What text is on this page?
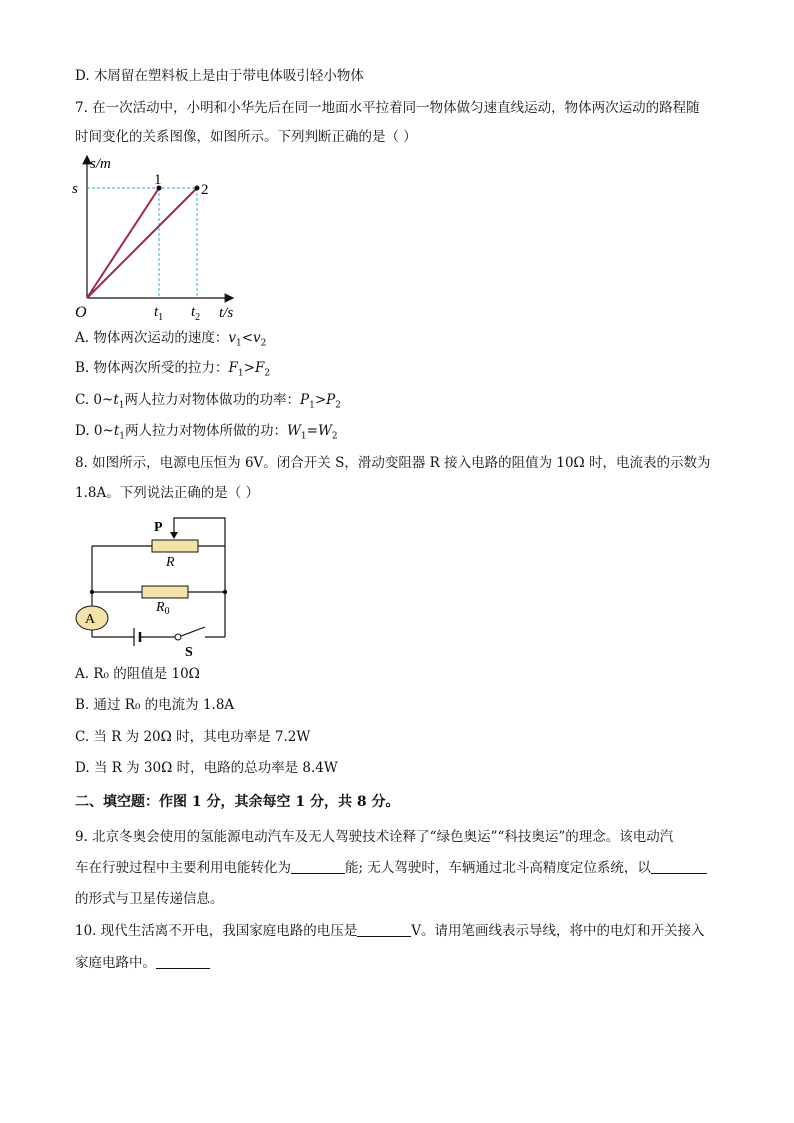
D. 木屑留在塑料板上是由于带电体吸引轻小物体
7. 在一次活动中，小明和小华先后在同一地面水平拉着同一物体做匀速直线运动，物体两次运动的路程随
时间变化的关系图像，如图所示。下列判断正确的是（ ）
s/m
s
1
2
O	$t_1$ $t_2$ t/s
A. 物体两次运动的速度：$v_1<v_2$
B. 物体两次所受的拉力：$F_1>F_2$
C. $0\sim t_1$两人拉力对物体做功的功率：$P_1>P_2$
D. $0\sim t_1$两人拉力对物体所做的功：$W_1=W_2$
8. 如图所示，电源电压恒为 6V。闭合开关 S，滑动变阻器 R 接入电路的阻值为 10Ω 时，电流表的示数为
1.8A。下列说法正确的是（ ）
P
R
$R_0$
A
S
A. R₀ 的阻值是 10Ω
B. 通过 R₀ 的电流为 1.8A
C. 当 R 为 20Ω 时，其电功率是 7.2W
D. 当 R 为 30Ω 时，电路的总功率是 8.4W
二、填空题：作图 1 分，其余每空 1 分，共 8 分。
9. 北京冬奥会使用的氢能源电动汽车及无人驾驶技术诠释了“绿色奥运”“科技奥运”的理念。该电动汽
车在行驶过程中主要利用电能转化为	能; 无人驾驶时，车辆通过北斗高精度定位系统，以
的形式与卫星传递信息。
10. 现代生活离不开电，我国家庭电路的电压是	V。请用笔画线表示导线，将中的电灯和开关接入
家庭电路中。
